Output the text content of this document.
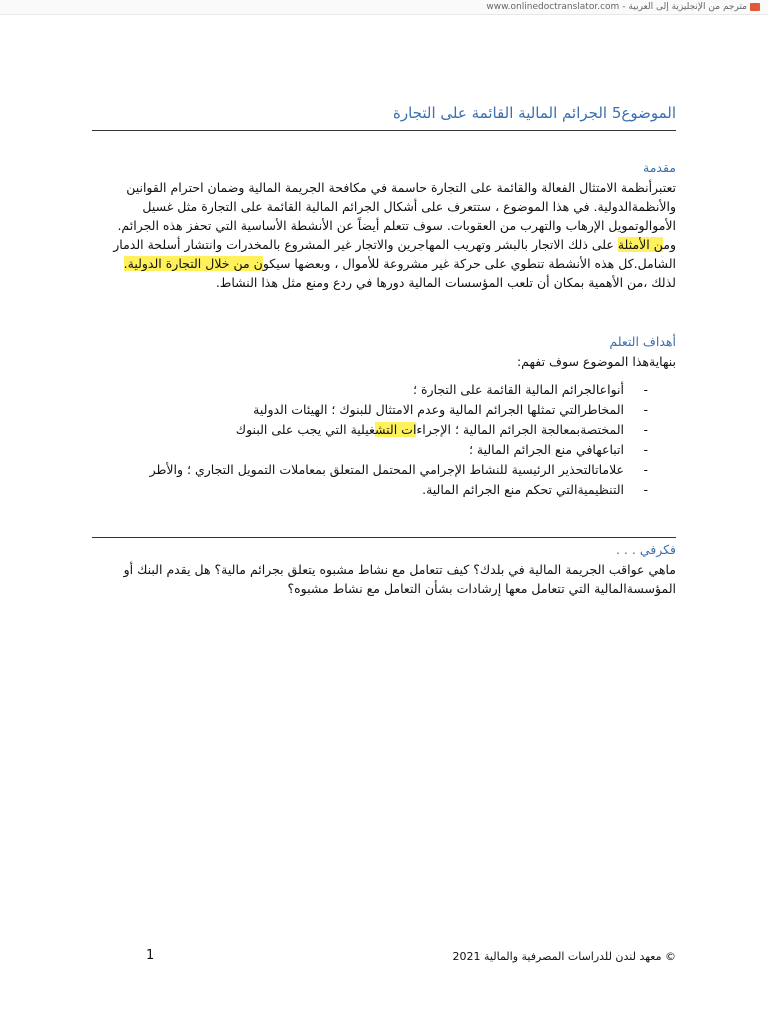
www.onlinedoctranslator.com - مترجم من الإنجليزية إلى العربية
الموضوع5 الجرائم المالية القائمة على التجارة
مقدمة
تعتبرأنظمة الامتثال الفعالة والقائمة على التجارة حاسمة في مكافحة الجريمة المالية وضمان احترام القوانين
والأنظمةالدولية. في هذا الموضوع ، ستتعرف على أشكال الجرائم المالية القائمة على التجارة مثل غسيل
الأموالوتمويل الإرهاب والتهرب من العقوبات. سوف تتعلم أيضاً عن الأنشطة الأساسية التي تحفز هذه الجرائم.
ومن الأمثلة على ذلك الاتجار بالبشر وتهريب المهاجرين والاتجار غير المشروع بالمخدرات وانتشار أسلحة الدمار
الشامل.كل هذه الأنشطة تنطوي على حركة غير مشروعة للأموال ، وبعضها سيكون من خلال التجارة الدولية.
لذلك ،من الأهمية بمكان أن تلعب المؤسسات المالية دورها في ردع ومنع مثل هذا النشاط.
أهداف التعلم
بنهايةهذا الموضوع سوف تفهم:
-
أنواعالجرائم المالية القائمة على التجارة ؛
-
المخاطرالتي تمثلها الجرائم المالية وعدم الامتثال للبنوك ؛ الهيئات الدولية
-
المختصةبمعالجة الجرائم المالية ؛ الإجراءات التشغيلية التي يجب على البنوك
-
اتباعهافي منع الجرائم المالية ؛
-
علاماتالتحذير الرئيسية للنشاط الإجرامي المحتمل المتعلق بمعاملات التمويل التجاري ؛ والأطر
-
التنظيميةالتي تحكم منع الجرائم المالية.
فكرفي . . .
ماهي عواقب الجريمة المالية في بلدك؟ كيف تتعامل مع نشاط مشبوه يتعلق بجرائم مالية؟ هل يقدم البنك أو
المؤسسةالمالية التي تتعامل معها إرشادات بشأن التعامل مع نشاط مشبوه؟
© معهد لندن للدراسات المصرفية والمالية 2021
1
